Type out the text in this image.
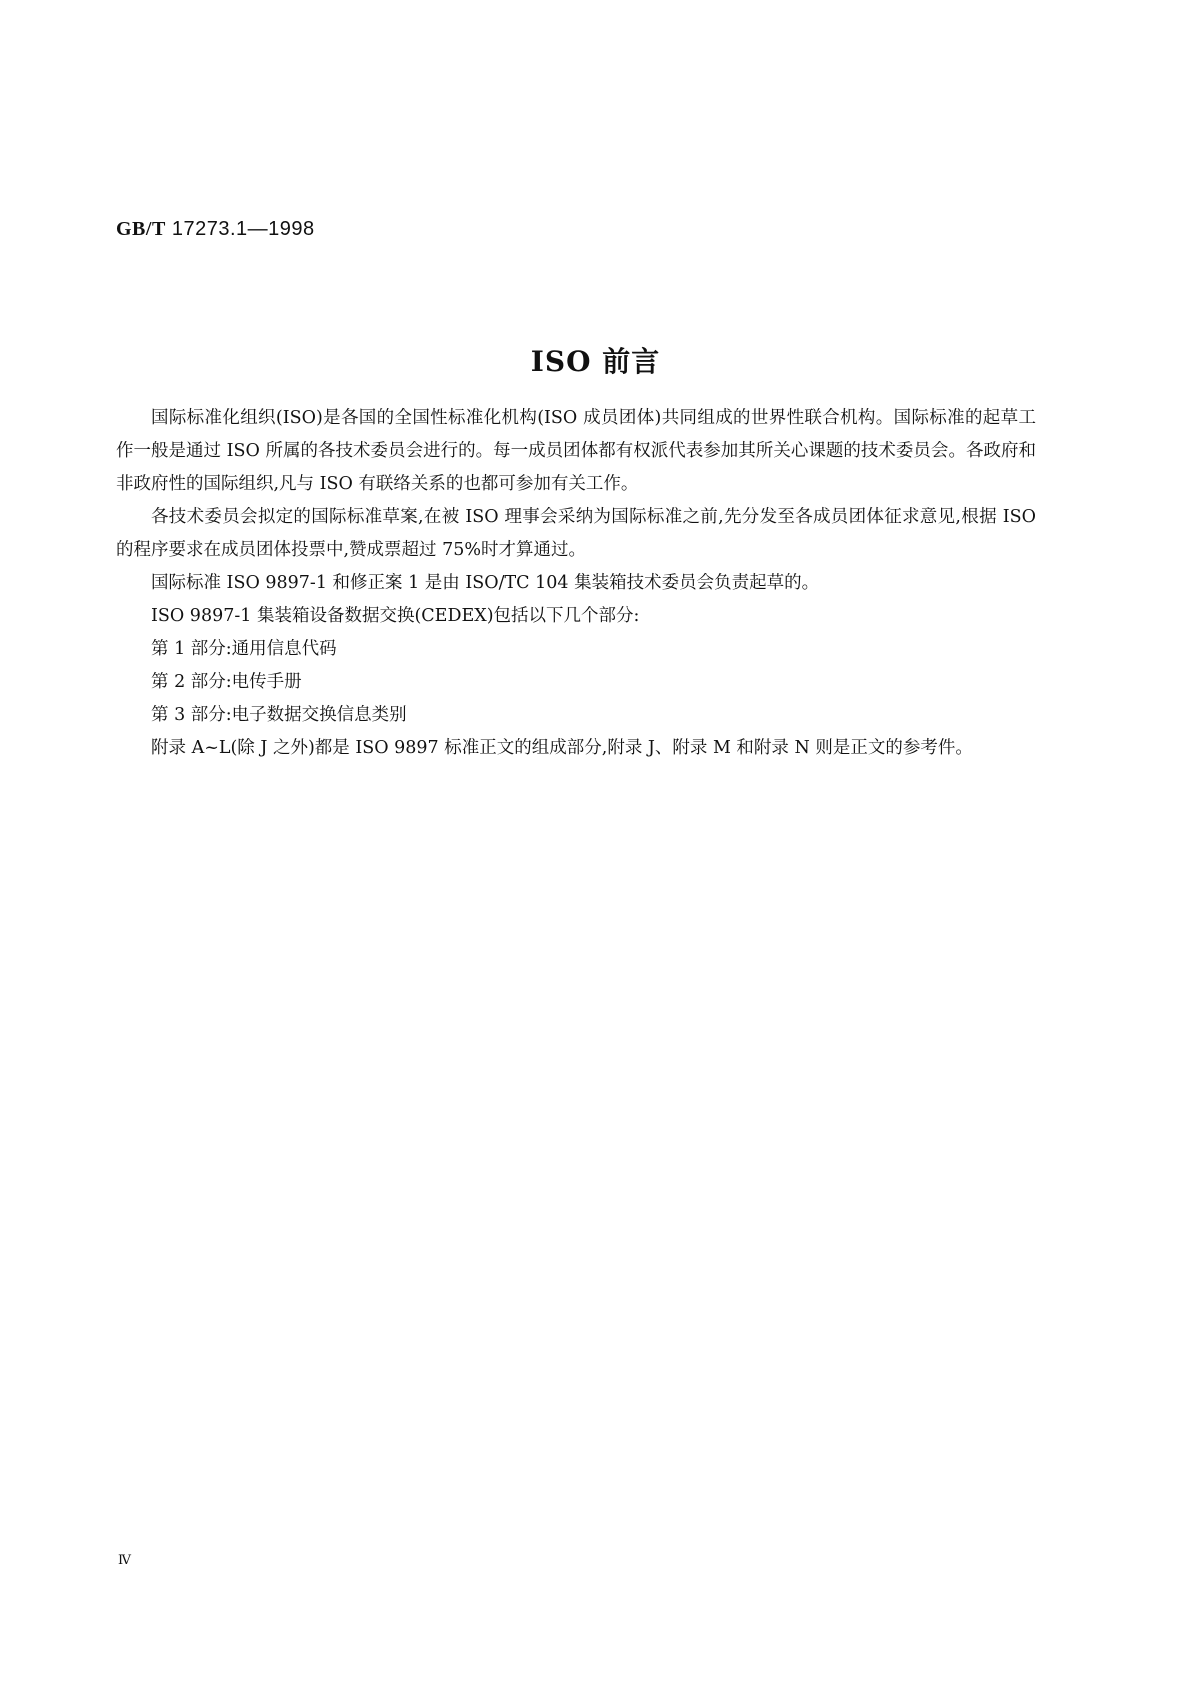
GB/T 17273.1—1998
ISO 前言

国际标准化组织(ISO)是各国的全国性标准化机构(ISO 成员团体)共同组成的世界性联合机构。国际标准的起草工作一般是通过 ISO 所属的各技术委员会进行的。每一成员团体都有权派代表参加其所关心课题的技术委员会。各政府和非政府性的国际组织,凡与 ISO 有联络关系的也都可参加有关工作。

各技术委员会拟定的国际标准草案,在被 ISO 理事会采纳为国际标准之前,先分发至各成员团体征求意见,根据 ISO 的程序要求在成员团体投票中,赞成票超过 75%时才算通过。

国际标准 ISO 9897-1 和修正案 1 是由 ISO/TC 104 集装箱技术委员会负责起草的。

ISO 9897-1 集装箱设备数据交换(CEDEX)包括以下几个部分:

第 1 部分:通用信息代码

第 2 部分:电传手册

第 3 部分:电子数据交换信息类别

附录 A~L(除 J 之外)都是 ISO 9897 标准正文的组成部分,附录 J、附录 M 和附录 N 则是正文的参考件。

Ⅳ
